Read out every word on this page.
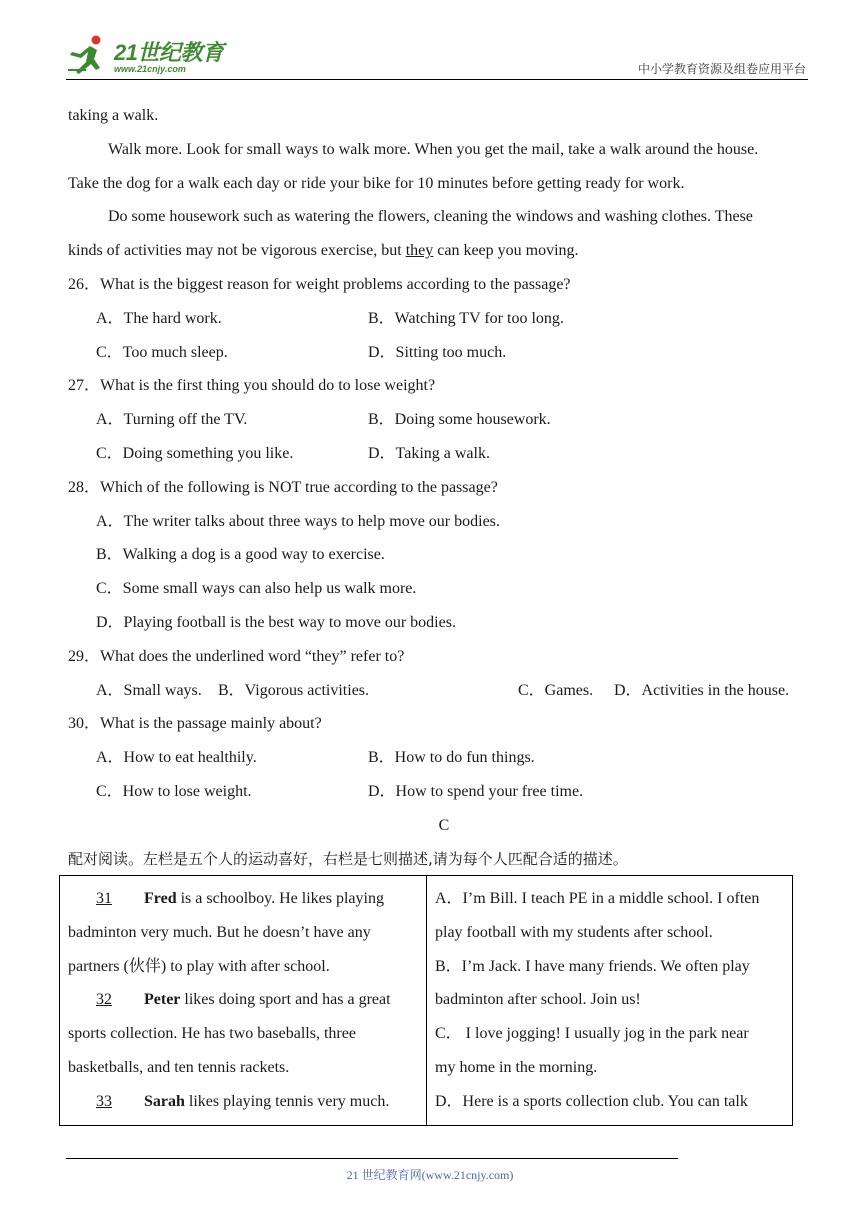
21世纪教育
www.21cnjy.com	中小学教育资源及组卷应用平台

taking a walk.

Walk more. Look for small ways to walk more. When you get the mail, take a walk around the house.

Take the dog for a walk each day or ride your bike for 10 minutes before getting ready for work.

Do some housework such as watering the flowers, cleaning the windows and washing clothes. These

kinds of activities may not be vigorous exercise, but they can keep you moving.

26．What is the biggest reason for weight problems according to the passage?

A．The hard work.	B．Watching TV for too long.
C．Too much sleep.	D．Sitting too much.

27．What is the first thing you should do to lose weight?

A．Turning off the TV.	B．Doing some housework.
C．Doing something you like.	D．Taking a walk.

28．Which of the following is NOT true according to the passage?

A．The writer talks about three ways to help move our bodies.
B．Walking a dog is a good way to exercise.
C．Some small ways can also help us walk more.
D．Playing football is the best way to move our bodies.

29．What does the underlined word “they” refer to?

A．Small ways. B．Vigorous activities.	C．Games. D．Activities in the house.

30．What is the passage mainly about?

A．How to eat healthily.	B．How to do fun things.
C．How to lose weight.	D．How to spend your free time.

C

配对阅读。左栏是五个人的运动喜好，右栏是七则描述,请为每个人匹配合适的描述。

31 Fred is a schoolboy. He likes playing
badminton very much. But he doesn’t have any
partners (伙伴) to play with after school.
32 Peter likes doing sport and has a great
sports collection. He has two baseballs, three
basketballs, and ten tennis rackets.
33 Sarah likes playing tennis very much.

A．I’m Bill. I teach PE in a middle school. I often
play football with my students after school.
B．I’m Jack. I have many friends. We often play
badminton after school. Join us!
C． I love jogging! I usually jog in the park near
my home in the morning.
D．Here is a sports collection club. You can talk
21 世纪教育网(www.21cnjy.com)
